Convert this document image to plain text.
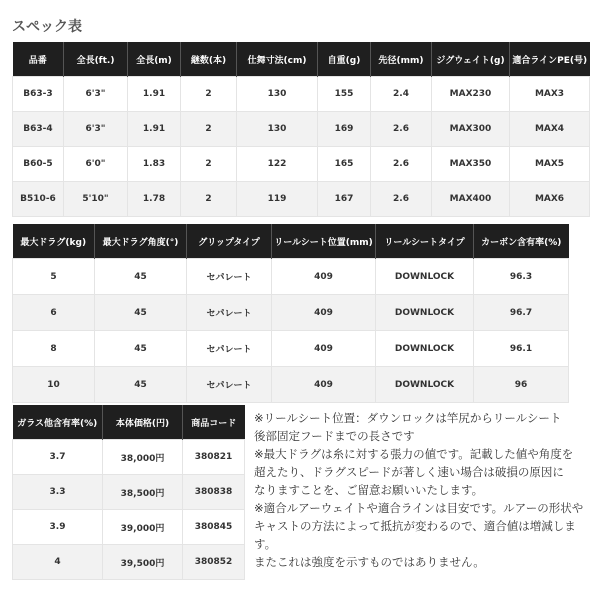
スペック表
品番	全長(ft.)	全長(m)	継数(本)	仕舞寸法(cm)	自重(g)	先径(mm)	ジグウェイト(g)	適合ラインPE(号)
B63-3	6'3"	1.91	2	130	155	2.4	MAX230	MAX3
B63-4	6'3"	1.91	2	130	169	2.6	MAX300	MAX4
B60-5	6'0"	1.83	2	122	165	2.6	MAX350	MAX5
B510-6	5'10"	1.78	2	119	167	2.6	MAX400	MAX6
最大ドラグ(kg)	最大ドラグ角度(°)	グリップタイプ	リールシート位置(mm)	リールシートタイプ	カーボン含有率(%)
5	45	セパレート	409	DOWNLOCK	96.3
6	45	セパレート	409	DOWNLOCK	96.7
8	45	セパレート	409	DOWNLOCK	96.1
10	45	セパレート	409	DOWNLOCK	96
ガラス他含有率(%)	本体価格(円)	商品コード
3.7	38,000円	380821
3.3	38,500円	380838
3.9	39,000円	380845
4	39,500円	380852

※リールシート位置：ダウンロックは竿尻からリールシート

後部固定フードまでの長さです

※最大ドラグは糸に対する張力の値です。記載した値や角度を

超えたり、ドラグスピードが著しく速い場合は破損の原因に

なりますことを、ご留意お願いいたします。

※適合ルアーウェイトや適合ラインは目安です。ルアーの形状や

キャストの方法によって抵抗が変わるので、適合値は増減します。

またこれは強度を示すものではありません。
